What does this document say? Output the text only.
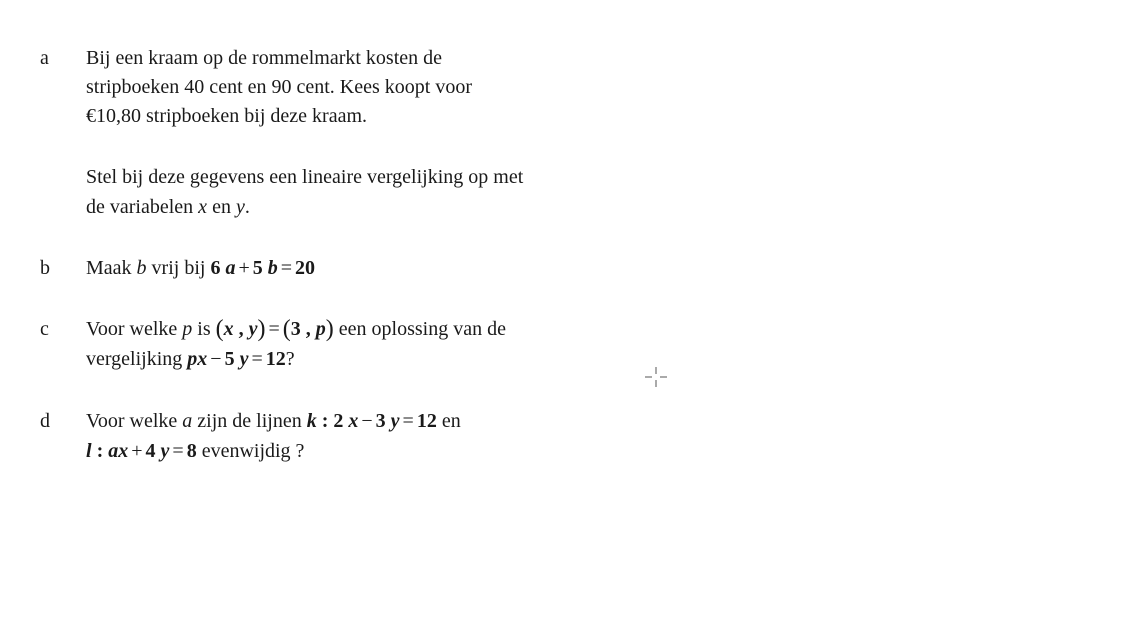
a	Bij een kraam op de rommelmarkt kosten de
stripboeken 40 cent en 90 cent. Kees koopt voor
€10,80 stripboeken bij deze kraam.
Stel bij deze gegevens een lineaire vergelijking op met
de variabelen x en y.
b	Maak b vrij bij 6 a + 5 b = 20
c	Voor welke p is (x , y) = (3 , p) een oplossing van de
vergelijking px − 5 y = 12?
d	Voor welke a zijn de lijnen k : 2 x − 3 y = 12 en
l : ax + 4 y = 8 evenwijdig ?
